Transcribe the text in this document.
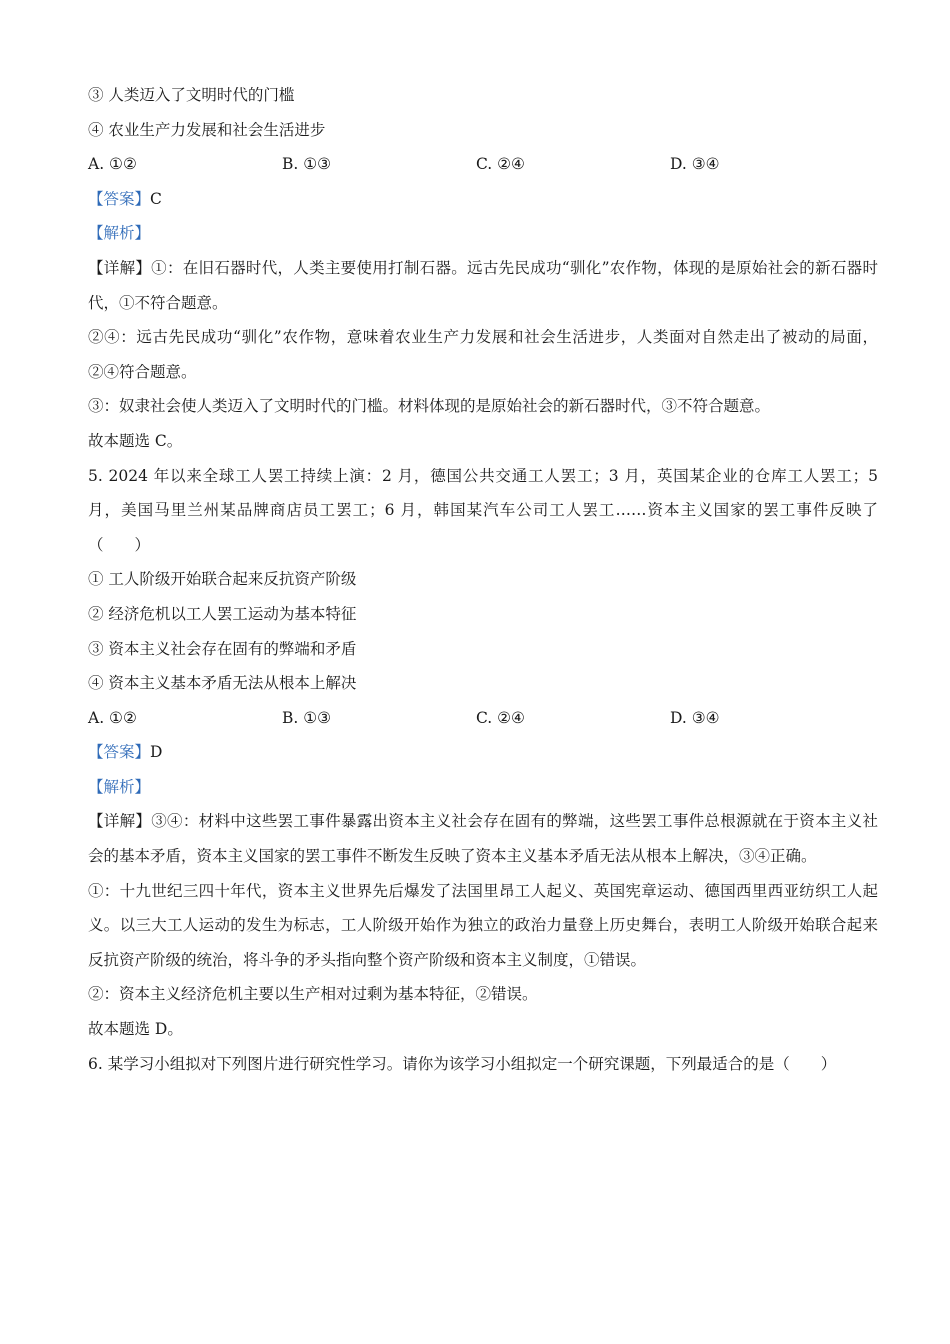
③ 人类迈入了文明时代的门槛
④ 农业生产力发展和社会生活进步
A. ①②	B. ①③	C. ②④	D. ③④
【答案】C
【解析】
【详解】①：在旧石器时代，人类主要使用打制石器。远古先民成功“驯化”农作物，体现的是原始社会的新石器时代，①不符合题意。
②④：远古先民成功“驯化”农作物，意味着农业生产力发展和社会生活进步，人类面对自然走出了被动的局面，②④符合题意。
③：奴隶社会使人类迈入了文明时代的门槛。材料体现的是原始社会的新石器时代，③不符合题意。
故本题选 C。
5. 2024 年以来全球工人罢工持续上演：2 月，德国公共交通工人罢工；3 月，英国某企业的仓库工人罢工；5 月，美国马里兰州某品牌商店员工罢工；6 月，韩国某汽车公司工人罢工……资本主义国家的罢工事件反映了（　　）
① 工人阶级开始联合起来反抗资产阶级
② 经济危机以工人罢工运动为基本特征
③ 资本主义社会存在固有的弊端和矛盾
④ 资本主义基本矛盾无法从根本上解决
A. ①②	B. ①③	C. ②④	D. ③④
【答案】D
【解析】
【详解】③④：材料中这些罢工事件暴露出资本主义社会存在固有的弊端，这些罢工事件总根源就在于资本主义社会的基本矛盾，资本主义国家的罢工事件不断发生反映了资本主义基本矛盾无法从根本上解决，③④正确。
①：十九世纪三四十年代，资本主义世界先后爆发了法国里昂工人起义、英国宪章运动、德国西里西亚纺织工人起义。以三大工人运动的发生为标志，工人阶级开始作为独立的政治力量登上历史舞台，表明工人阶级开始联合起来反抗资产阶级的统治，将斗争的矛头指向整个资产阶级和资本主义制度，①错误。
②：资本主义经济危机主要以生产相对过剩为基本特征，②错误。
故本题选 D。
6. 某学习小组拟对下列图片进行研究性学习。请你为该学习小组拟定一个研究课题，下列最适合的是（　　）
